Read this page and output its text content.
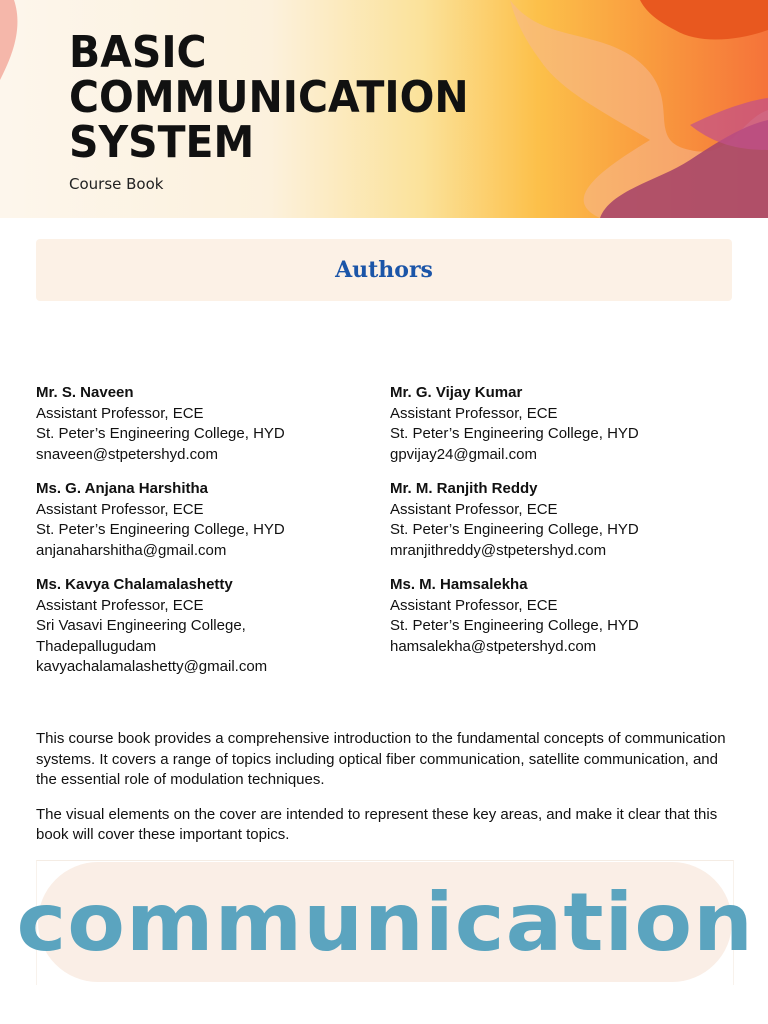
BASIC
COMMUNICATION
SYSTEM
Course Book
Authors
Mr. S. Naveen
Assistant Professor, ECE
St. Peter’s Engineering College, HYD
snaveen@stpetershyd.com
Ms. G. Anjana Harshitha
Assistant Professor, ECE
St. Peter’s Engineering College, HYD
anjanaharshitha@gmail.com
Ms. Kavya Chalamalashetty
Assistant Professor, ECE
Sri Vasavi Engineering College,
Thadepallugudam
kavyachalamalashetty@gmail.com
Mr. G. Vijay Kumar
Assistant Professor, ECE
St. Peter’s Engineering College, HYD
gpvijay24@gmail.com
Mr. M. Ranjith Reddy
Assistant Professor, ECE
St. Peter’s Engineering College, HYD
mranjithreddy@stpetershyd.com
Ms. M. Hamsalekha
Assistant Professor, ECE
St. Peter’s Engineering College, HYD
hamsalekha@stpetershyd.com

This course book provides a comprehensive introduction to the fundamental concepts of communication systems. It covers a range of topics including optical fiber communication, satellite communication, and the essential role of modulation techniques.

The visual elements on the cover are intended to represent these key areas, and make it clear that this book will cover these important topics.

communication
